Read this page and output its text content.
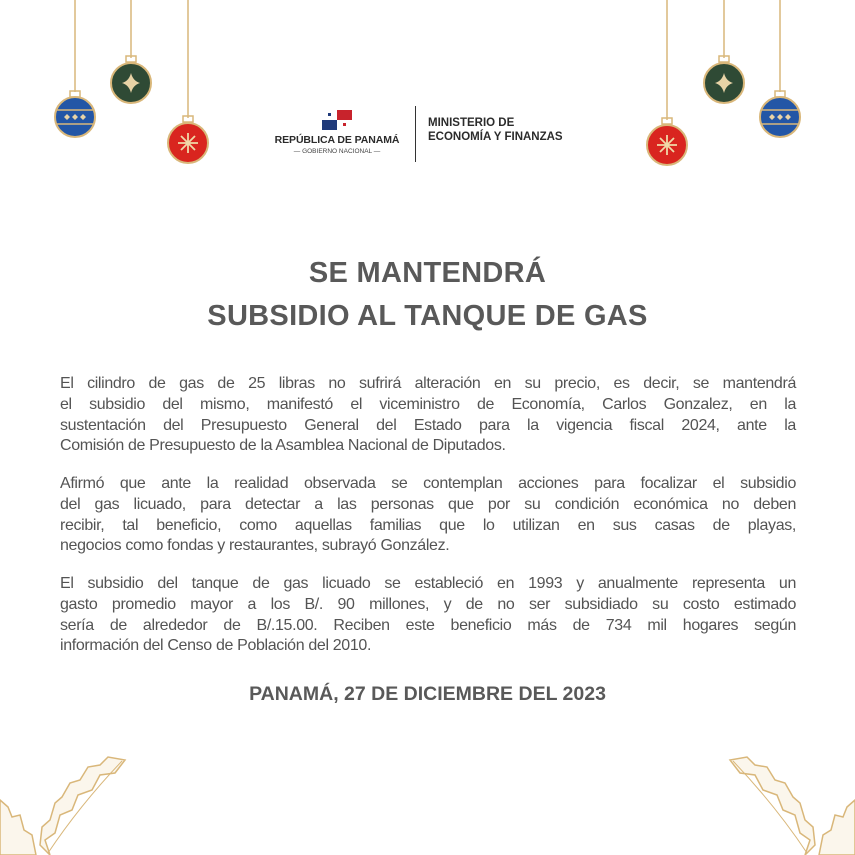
REPÚBLICA DE PANAMÁ
— GOBIERNO NACIONAL —
MINISTERIO DE
ECONOMÍA Y FINANZAS
SE MANTENDRÁ
SUBSIDIO AL TANQUE DE GAS
El cilindro de gas de 25 libras no sufrirá alteración en su precio, es decir, se mantendrá
el subsidio del mismo, manifestó el viceministro de Economía, Carlos Gonzalez, en la
sustentación del Presupuesto General del Estado para la vigencia fiscal 2024, ante la
Comisión de Presupuesto de la Asamblea Nacional de Diputados.
Afirmó que ante la realidad observada se contemplan acciones para focalizar el subsidio
del gas licuado, para detectar a las personas que por su condición económica no deben
recibir, tal beneficio, como aquellas familias que lo utilizan en sus casas de playas,
negocios como fondas y restaurantes, subrayó González.
El subsidio del tanque de gas licuado se estableció en 1993 y anualmente representa un
gasto promedio mayor a los B/. 90 millones, y de no ser subsidiado su costo estimado
sería de alrededor de B/.15.00. Reciben este beneficio más de 734 mil hogares según
información del Censo de Población del 2010.
PANAMÁ, 27 DE DICIEMBRE DEL 2023
